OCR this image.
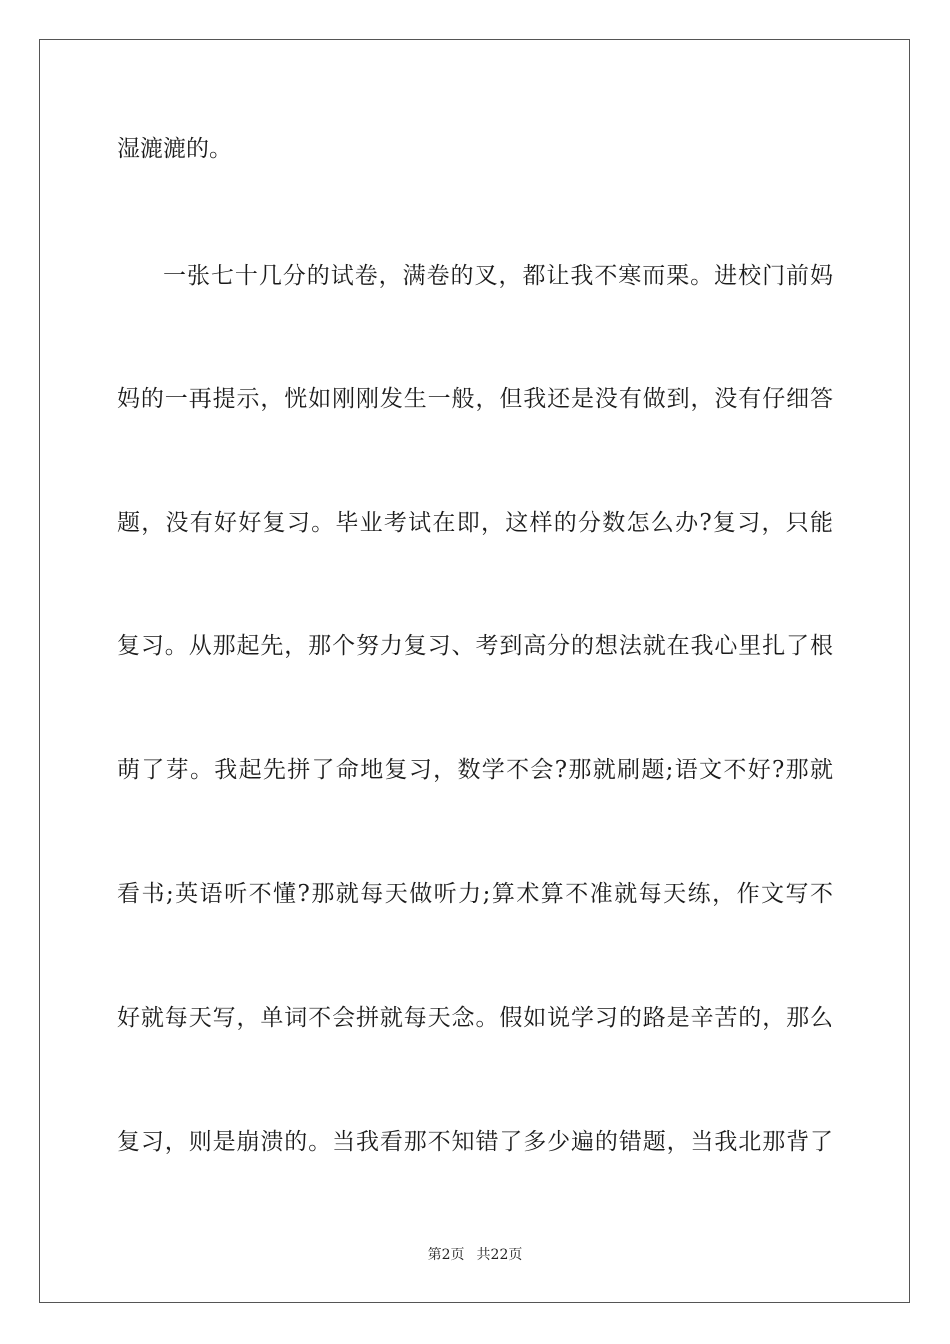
湿漉漉的。
一张七十几分的试卷，满卷的叉，都让我不寒而栗。进校门前妈
妈的一再提示，恍如刚刚发生一般，但我还是没有做到，没有仔细答
题，没有好好复习。毕业考试在即，这样的分数怎么办?复习，只能
复习。从那起先，那个努力复习、考到高分的想法就在我心里扎了根
萌了芽。我起先拼了命地复习，数学不会?那就刷题;语文不好?那就
看书;英语听不懂?那就每天做听力;算术算不准就每天练，作文写不
好就每天写，单词不会拼就每天念。假如说学习的路是辛苦的，那么
复习，则是崩溃的。当我看那不知错了多少遍的错题，当我北那背了
第2页 共22页
